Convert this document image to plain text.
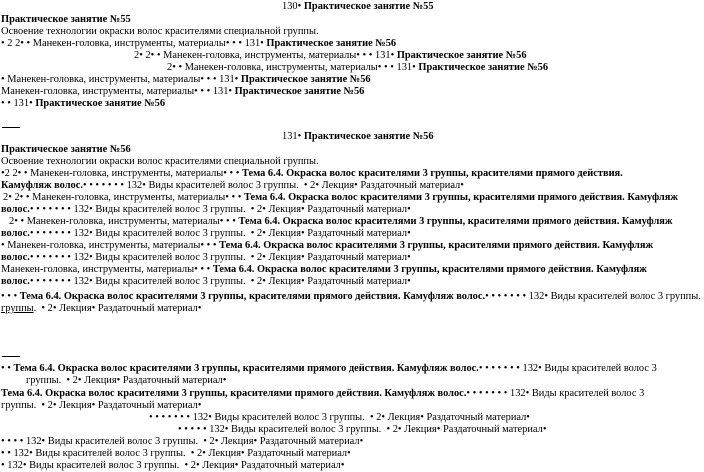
130• Практическое занятие №55
Практическое занятие №55
Освоение технологии окраски волос красителями специальной группы.
• 2 2• • Манекен-головка, инструменты, материалы• • • 131• Практическое занятие №56
2• 2• • Манекен-головка, инструменты, материалы• • • 131• Практическое занятие №56
2• • Манекен-головка, инструменты, материалы• • • 131• Практическое занятие №56
• Манекен-головка, инструменты, материалы• • • 131• Практическое занятие №56
Манекен-головка, инструменты, материалы• • • 131• Практическое занятие №56
• • 131• Практическое занятие №56
131• Практическое занятие №56
Практическое занятие №56
Освоение технологии окраски волос красителями специальной группы.
•2 2• • Манекен-головка, инструменты, материалы• • • Тема 6.4. Окраска волос красителями 3 группы, красителями прямого действия.
Камуфляж волос.• • • • • • • 132• Виды красителей волос 3 группы.  • 2• Лекция• Раздаточный материал•
2• 2• • Манекен-головка, инструменты, материалы• • • Тема 6.4. Окраска волос красителями 3 группы, красителями прямого действия. Камуфляж
волос.• • • • • • • 132• Виды красителей волос 3 группы.  • 2• Лекция• Раздаточный материал•
2• • Манекен-головка, инструменты, материалы• • • Тема 6.4. Окраска волос красителями 3 группы, красителями прямого действия. Камуфляж
волос.• • • • • • • 132• Виды красителей волос 3 группы.  • 2• Лекция• Раздаточный материал•
• Манекен-головка, инструменты, материалы• • • Тема 6.4. Окраска волос красителями 3 группы, красителями прямого действия. Камуфляж
волос.• • • • • • • 132• Виды красителей волос 3 группы.  • 2• Лекция• Раздаточный материал•
Манекен-головка, инструменты, материалы• • • Тема 6.4. Окраска волос красителями 3 группы, красителями прямого действия. Камуфляж
волос.• • • • • • • 132• Виды красителей волос 3 группы.  • 2• Лекция• Раздаточный материал•
• • • Тема 6.4. Окраска волос красителями 3 группы, красителями прямого действия. Камуфляж волос.• • • • • • • 132• Виды красителей волос 3 группы.
группы.  • 2• Лекция• Раздаточный материал•
• • Тема 6.4. Окраска волос красителями 3 группы, красителями прямого действия. Камуфляж волос.• • • • • • • 132• Виды красителей волос 3
группы.  • 2• Лекция• Раздаточный материал•
Тема 6.4. Окраска волос красителями 3 группы, красителями прямого действия. Камуфляж волос.• • • • • • • 132• Виды красителей волос 3
группы.  • 2• Лекция• Раздаточный материал•
• • • • • • • 132• Виды красителей волос 3 группы.  • 2• Лекция• Раздаточный материал•
• • • • • 132• Виды красителей волос 3 группы.  • 2• Лекция• Раздаточный материал•
• • • • 132• Виды красителей волос 3 группы.  • 2• Лекция• Раздаточный материал•
• • 132• Виды красителей волос 3 группы.  • 2• Лекция• Раздаточный материал•
• 132• Виды красителей волос 3 группы.  • 2• Лекция• Раздаточный материал•
